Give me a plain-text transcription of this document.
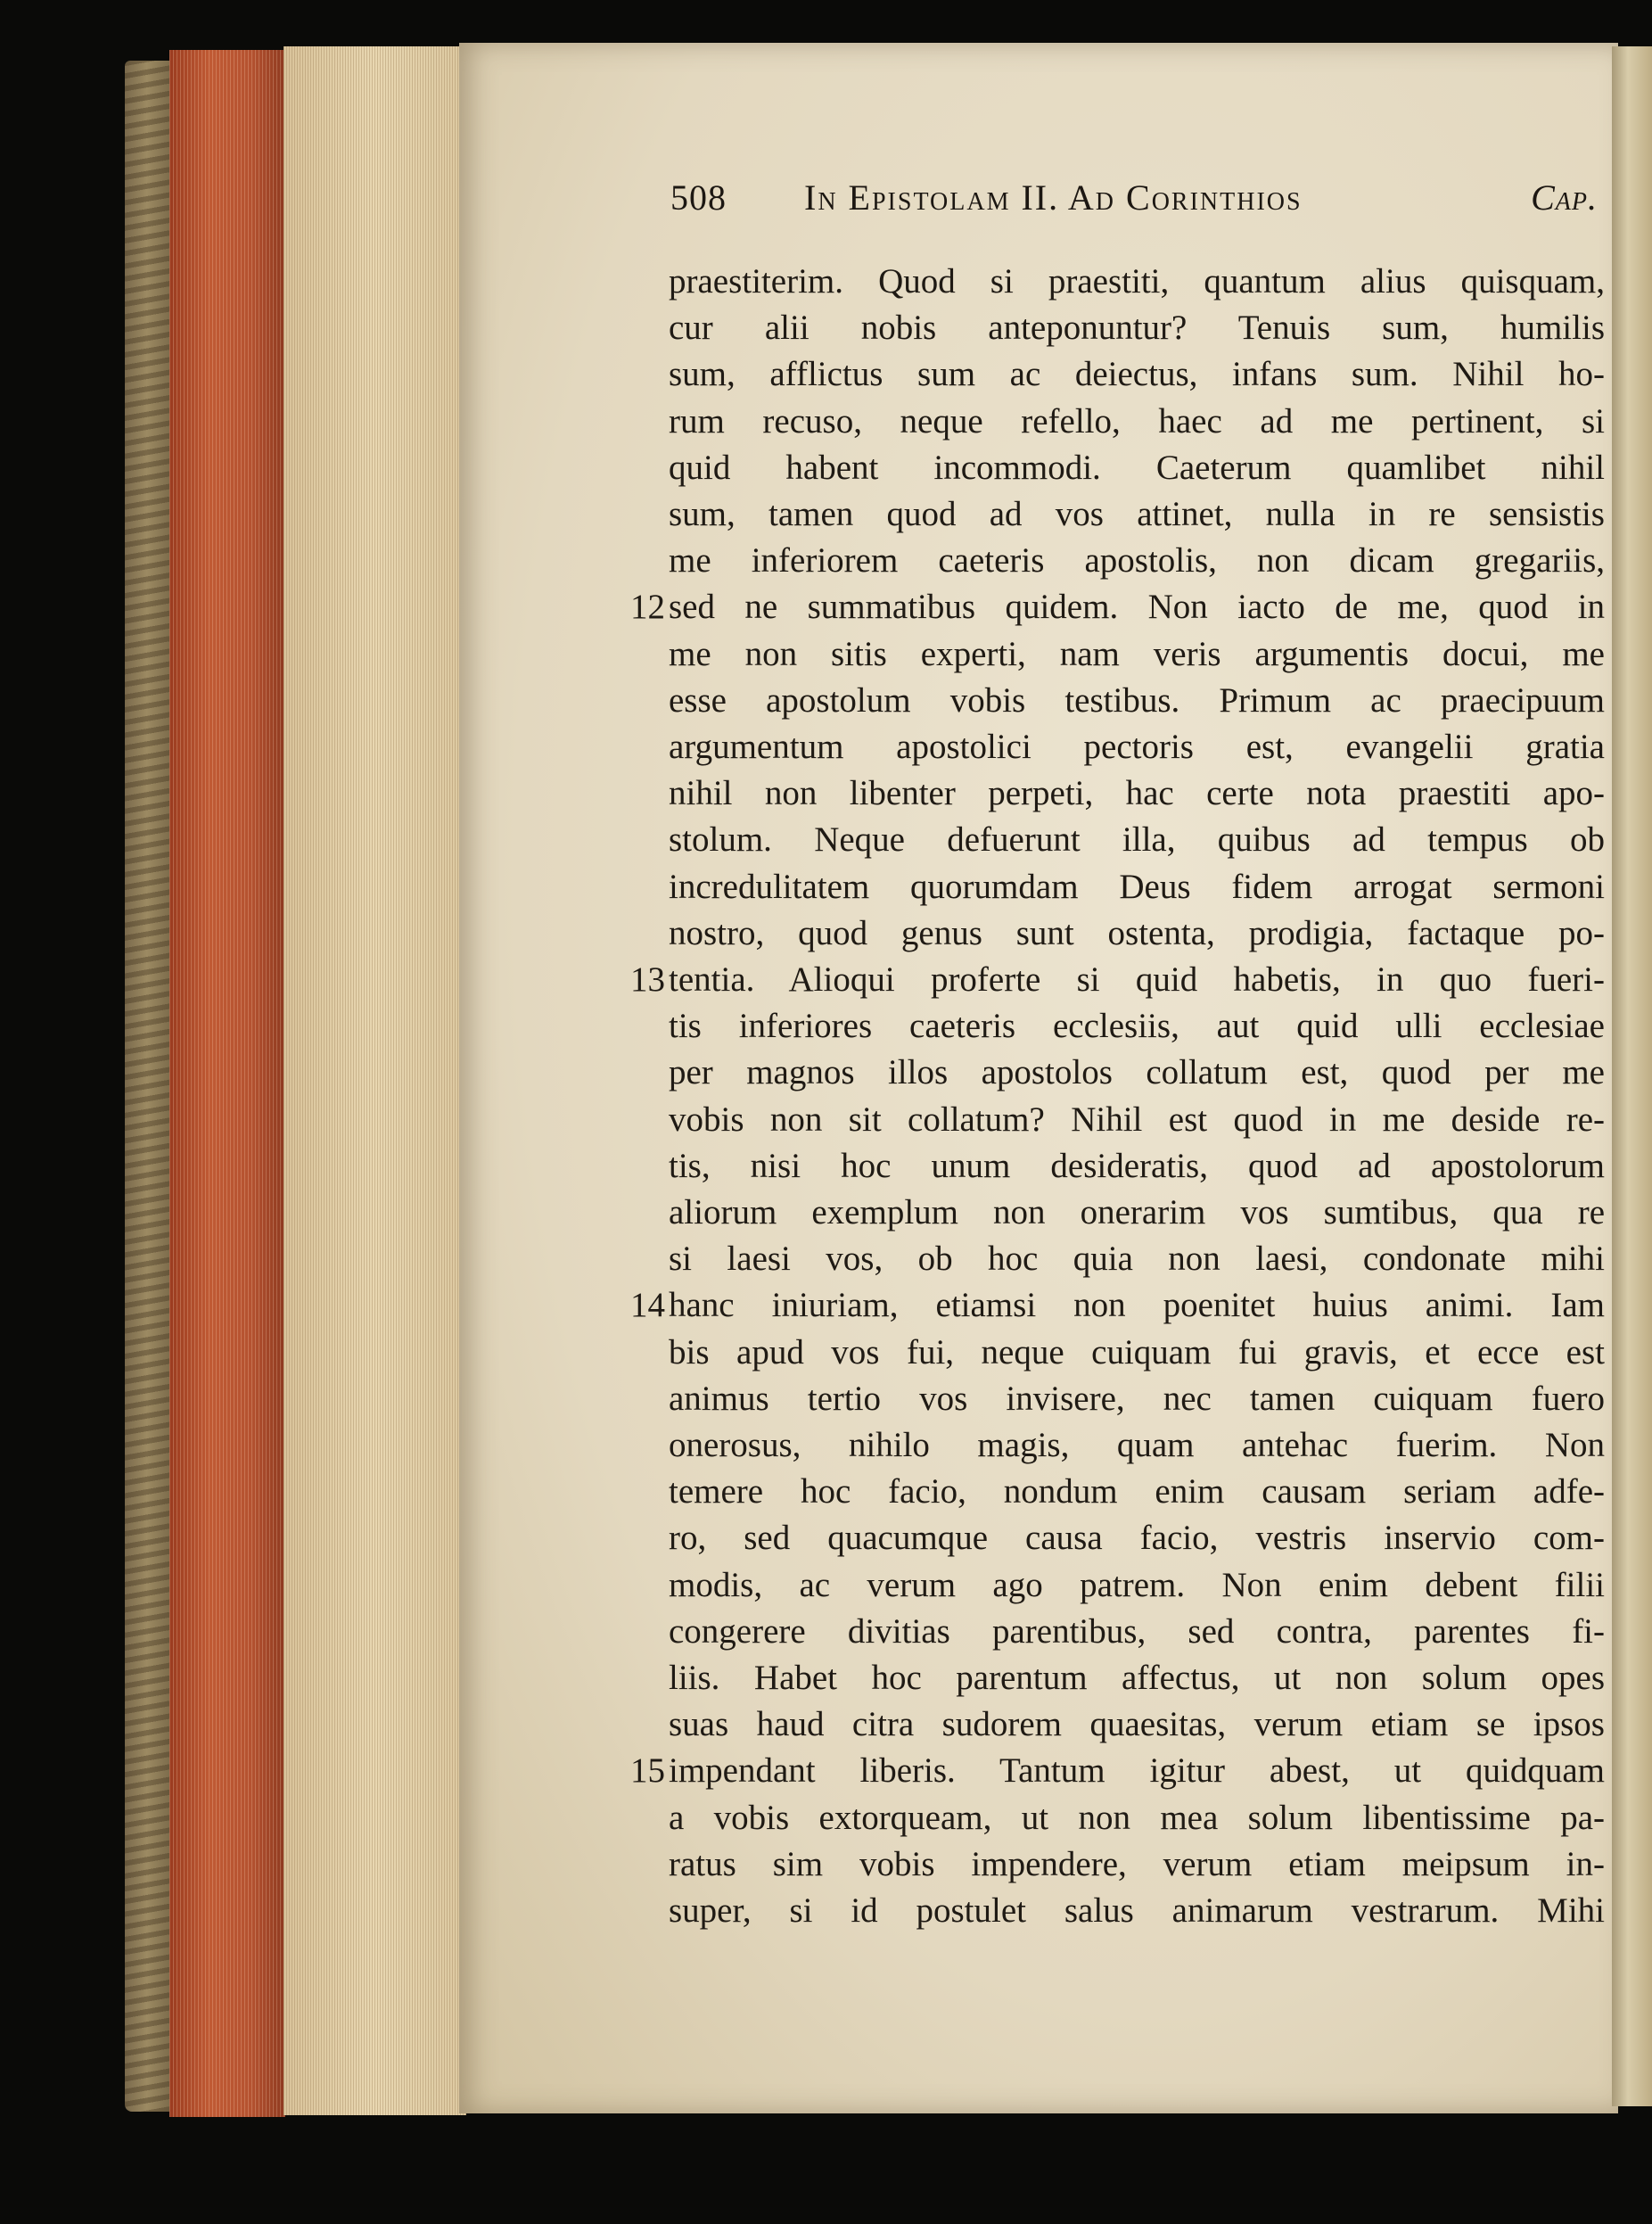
508 In Epistolam II. Ad Corinthios	Cap.
praestiterim. Quod si praestiti, quantum alius quisquam,
cur alii nobis anteponuntur? Tenuis sum, humilis
sum, afflictus sum ac deiectus, infans sum. Nihil ho-
rum recuso, neque refello, haec ad me pertinent, si
quid habent incommodi. Caeterum quamlibet nihil
sum, tamen quod ad vos attinet, nulla in re sensistis
me inferiorem caeteris apostolis, non dicam gregariis,
12 sed ne summatibus quidem. Non iacto de me, quod in
me non sitis experti, nam veris argumentis docui, me
esse apostolum vobis testibus. Primum ac praecipuum
argumentum apostolici pectoris est, evangelii gratia
nihil non libenter perpeti, hac certe nota praestiti apo-
stolum. Neque defuerunt illa, quibus ad tempus ob
incredulitatem quorumdam Deus fidem arrogat sermoni
nostro, quod genus sunt ostenta, prodigia, factaque po-
13 tentia. Alioqui proferte si quid habetis, in quo fueri-
tis inferiores caeteris ecclesiis, aut quid ulli ecclesiae
per magnos illos apostolos collatum est, quod per me
vobis non sit collatum? Nihil est quod in me deside re-
tis, nisi hoc unum desideratis, quod ad apostolorum
aliorum exemplum non onerarim vos sumtibus, qua re
si laesi vos, ob hoc quia non laesi, condonate mihi
14 hanc iniuriam, etiamsi non poenitet huius animi. Iam
bis apud vos fui, neque cuiquam fui gravis, et ecce est
animus tertio vos invisere, nec tamen cuiquam fuero
onerosus, nihilo magis, quam antehac fuerim. Non
temere hoc facio, nondum enim causam seriam adfe-
ro, sed quacumque causa facio, vestris inservio com-
modis, ac verum ago patrem. Non enim debent filii
congerere divitias parentibus, sed contra, parentes fi-
liis. Habet hoc parentum affectus, ut non solum opes
suas haud citra sudorem quaesitas, verum etiam se ipsos
15 impendant liberis. Tantum igitur abest, ut quidquam
a vobis extorqueam, ut non mea solum libentissime pa-
ratus sim vobis impendere, verum etiam meipsum in-
super, si id postulet salus animarum vestrarum. Mihi
